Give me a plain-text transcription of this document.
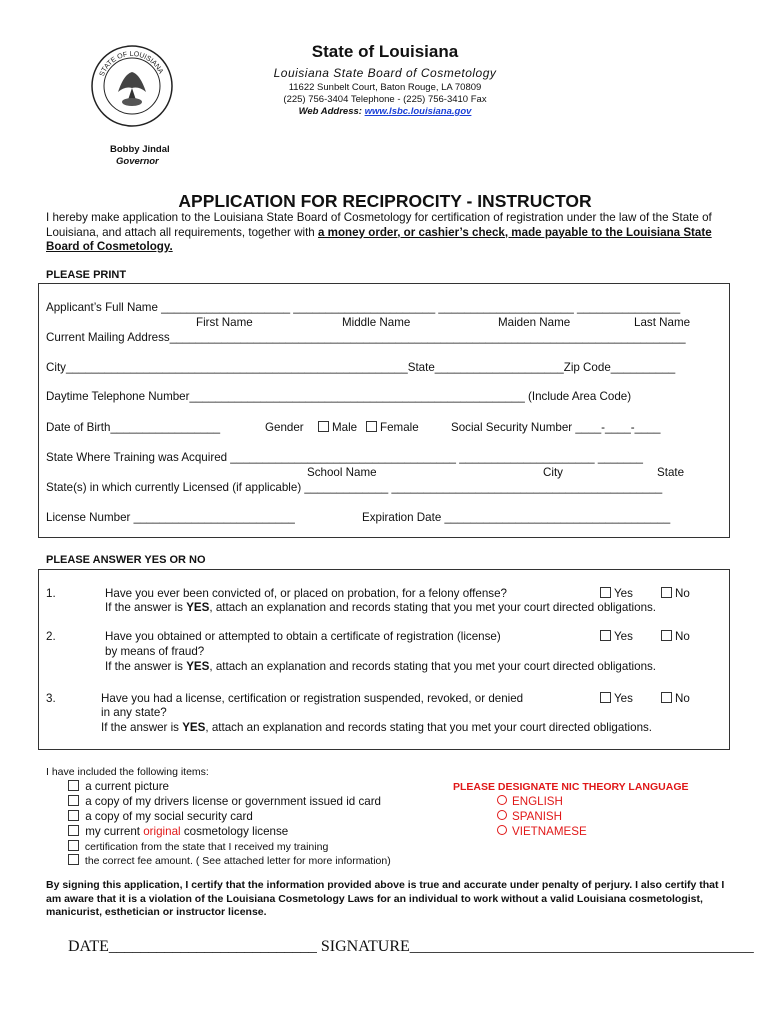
STATE OF LOUISIANA
State of Louisiana
Louisiana State Board of Cosmetology
11622 Sunbelt Court, Baton Rouge, LA 70809
(225) 756-3404 Telephone - (225) 756-3410 Fax
Web Address: www.lsbc.louisiana.gov
Bobby Jindal
Governor
APPLICATION FOR RECIPROCITY - INSTRUCTOR
I hereby make application to the Louisiana State Board of Cosmetology for certification of registration under the law of the State of Louisiana, and attach all requirements, together with a money order, or cashier’s check, made payable to the Louisiana State Board of Cosmetology.
PLEASE PRINT
Applicant’s Full Name ____________________ ______________________ _____________________ ________________
First Name	Middle Name	Maiden Name	Last Name
Current Mailing Address________________________________________________________________________________
City_____________________________________________________State____________________Zip Code__________
Daytime Telephone Number____________________________________________________ (Include Area Code)
Date of Birth_________________	Gender	Male	Female	Social Security Number ____-____-____
State Where Training was Acquired ___________________________________ _____________________ _______
School Name	City	State
State(s) in which currently Licensed (if applicable) _____________ __________________________________________
License Number _________________________	Expiration Date ___________________________________
PLEASE ANSWER YES OR NO
1.	Have you ever been convicted of, or placed on probation, for a felony offense?	Yes	No
If the answer is YES, attach an explanation and records stating that you met your court directed obligations.
2.	Have you obtained or attempted to obtain a certificate of registration (license)
by means of fraud?
Yes	No
If the answer is YES, attach an explanation and records stating that you met your court directed obligations.
3.	Have you had a license, certification or registration suspended, revoked, or denied
in any state?
Yes	No
If the answer is YES, attach an explanation and records stating that you met your court directed obligations.
I have included the following items:
a current picture
a copy of my drivers license or government issued id card
a copy of my social security card
my current original cosmetology license
certification from the state that I received my training
the correct fee amount. ( See attached letter for more information)
PLEASE DESIGNATE NIC THEORY LANGUAGE
ENGLISH
SPANISH
VIETNAMESE
By signing this application, I certify that the information provided above is true and accurate under penalty of perjury. I also certify that I am aware that it is a violation of the Louisiana Cosmetology Laws for an individual to work without a valid Louisiana cosmetologist, manicurist, esthetician or instructor license.
DATE__________________________ SIGNATURE___________________________________________
